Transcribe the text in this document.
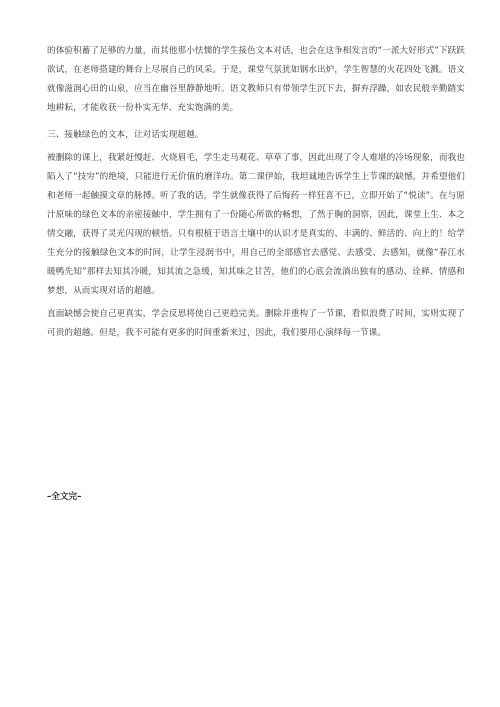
的体验积蓄了足够的力量，而其他那小怯懦的学生接色文本对话，也会在这争相发言的“一派大好形式”下跃跃欲试，在老师搭建的舞台上尽展自己的风采。于是，课堂气氛犹如钢水出炉，学生智慧的火花四处飞溅。语文就像滋润心田的山泉，应当在幽谷里静静地听。语文教师只有带领学生沉下去，摒弃浮躁，如农民般辛勤踏实地耕耘，才能收获一份朴实无华、充实饱满的美。

三、接触绿色的文本，让对话实现超越。

被删除的课上，我紧赶慢赶、火烧眉毛，学生走马观花、草草了事，因此出现了令人难堪的冷场现象，而我也陷入了“技穷”的绝境，只能进行无价值的磨洋功。第二课伊始，我坦诚地告诉学生上节课的缺憾，并希望他们和老师一起触摸文章的脉搏。听了我的话，学生就像获得了后悔药一样狂喜不已，立即开始了“悦读”。在与原汁原味的绿色文本的亲密接触中，学生拥有了一份随心所欲的畅想，了然于胸的洞察，因此，课堂上生、本之情交融，获得了灵光闪现的顿悟。只有根植于语言土壤中的认识才是真实的、丰满的、鲜活的、向上的！给学生充分的接触绿色文本的时间，让学生浸润书中，用自己的全部感官去感觉、去感受、去感知，就像“春江水暖鸭先知”那样去知其冷暖，知其流之急缓，知其味之甘苦，他们的心底会流淌出独有的感动、诠释、情感和梦想，从而实现对话的超越。

直面缺憾会使自己更真实，学会反思将使自己更趋完美。删除并重构了一节课，看似浪费了时间，实则实现了可贵的超越。但是，我不可能有更多的时间重新来过，因此，我们要用心演绎每一节课。

–全文完–
